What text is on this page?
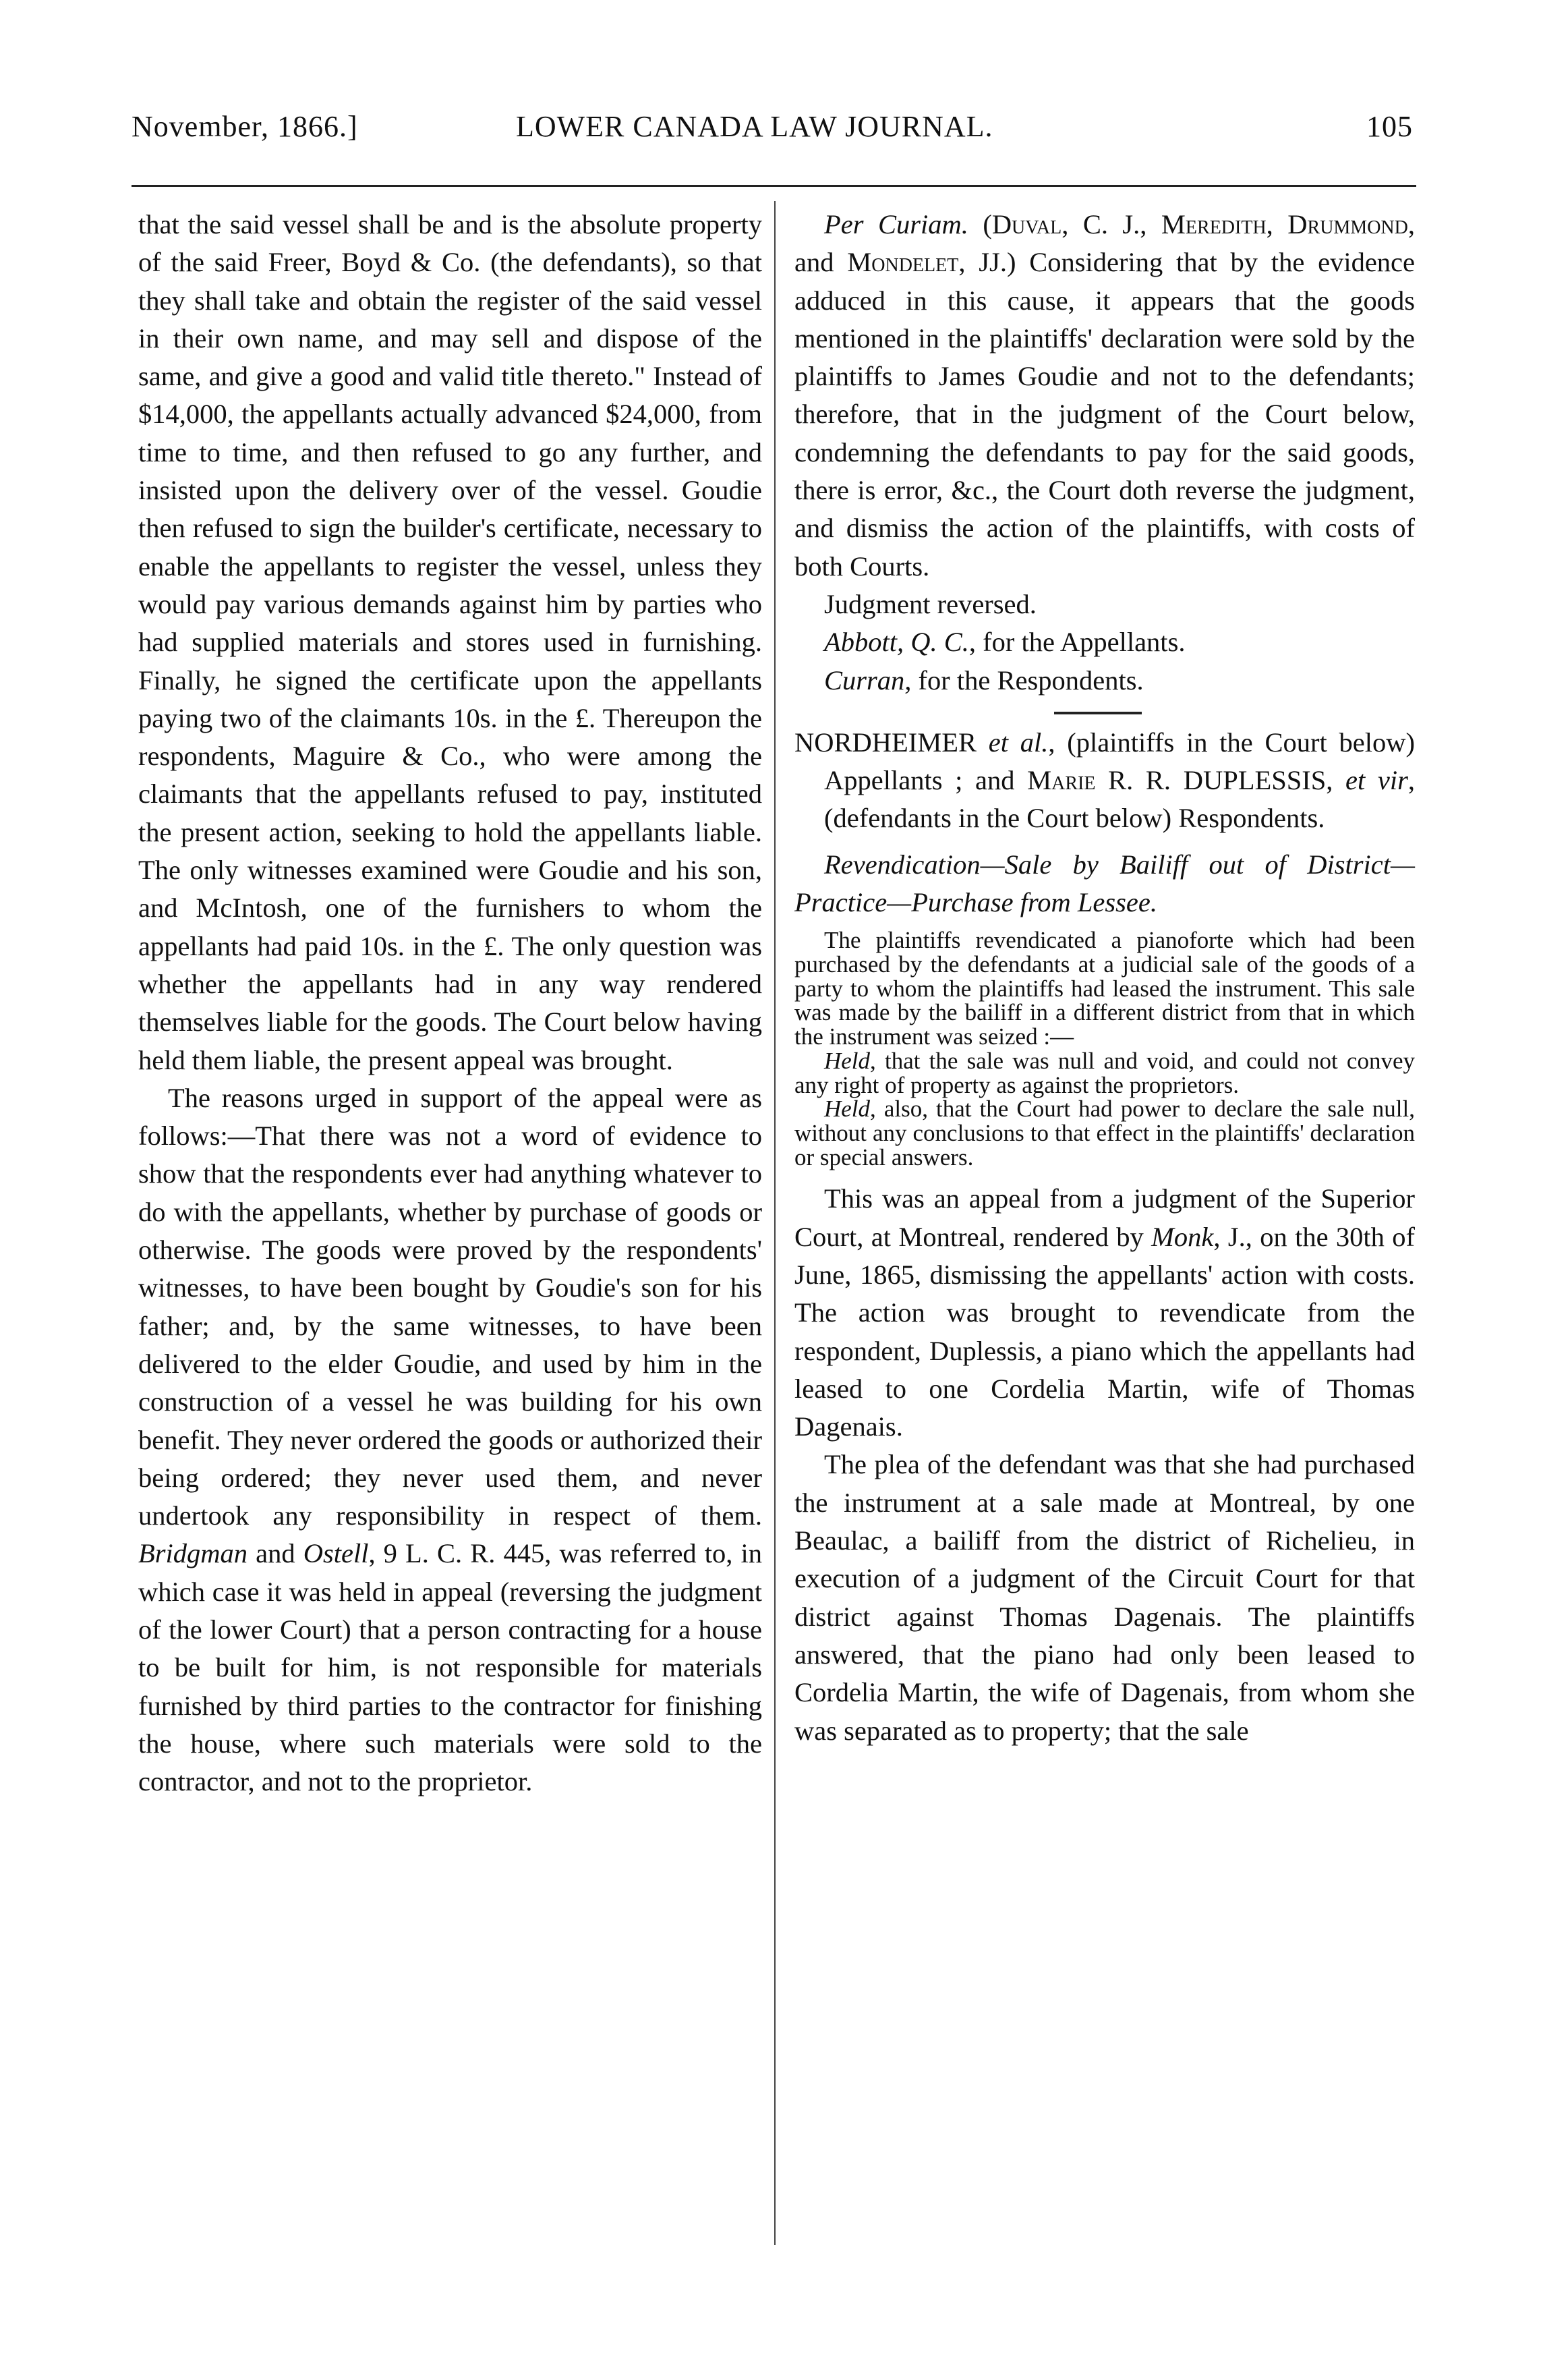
November, 1866.]	LOWER CANADA LAW JOURNAL.	105

that the said vessel shall be and is the absolute property of the said Freer, Boyd & Co. (the defendants), so that they shall take and obtain the register of the said vessel in their own name, and may sell and dispose of the same, and give a good and valid title thereto." Instead of $14,000, the appellants actually advanced $24,000, from time to time, and then refused to go any further, and insisted upon the delivery over of the vessel. Goudie then refused to sign the builder's certificate, necessary to enable the appellants to register the vessel, unless they would pay various demands against him by parties who had supplied materials and stores used in furnishing. Finally, he signed the certificate upon the appellants paying two of the claimants 10s. in the £. Thereupon the respondents, Maguire & Co., who were among the claimants that the appellants refused to pay, instituted the present action, seeking to hold the appellants liable. The only witnesses examined were Goudie and his son, and McIntosh, one of the furnishers to whom the appellants had paid 10s. in the £. The only question was whether the appellants had in any way rendered themselves liable for the goods. The Court below having held them liable, the present appeal was brought.

The reasons urged in support of the appeal were as follows:—That there was not a word of evidence to show that the respondents ever had anything whatever to do with the appellants, whether by purchase of goods or otherwise. The goods were proved by the respondents' witnesses, to have been bought by Goudie's son for his father; and, by the same witnesses, to have been delivered to the elder Goudie, and used by him in the construction of a vessel he was building for his own benefit. They never ordered the goods or authorized their being ordered; they never used them, and never undertook any responsibility in respect of them. Bridgman and Ostell, 9 L. C. R. 445, was referred to, in which case it was held in appeal (reversing the judgment of the lower Court) that a person contracting for a house to be built for him, is not responsible for materials furnished by third parties to the contractor for finishing the house, where such materials were sold to the contractor, and not to the proprietor.

Per Curiam. (Duval, C. J., Meredith, Drummond, and Mondelet, JJ.) Considering that by the evidence adduced in this cause, it appears that the goods mentioned in the plaintiffs' declaration were sold by the plaintiffs to James Goudie and not to the defendants; therefore, that in the judgment of the Court below, condemning the defendants to pay for the said goods, there is error, &c., the Court doth reverse the judgment, and dismiss the action of the plaintiffs, with costs of both Courts.

Judgment reversed.

Abbott, Q. C., for the Appellants.

Curran, for the Respondents.

NORDHEIMER et al., (plaintiffs in the Court below) Appellants ; and Marie R. R. DUPLESSIS, et vir, (defendants in the Court below) Respondents.

Revendication—Sale by Bailiff out of District—Practice—Purchase from Lessee.

The plaintiffs revendicated a pianoforte which had been purchased by the defendants at a judicial sale of the goods of a party to whom the plaintiffs had leased the instrument. This sale was made by the bailiff in a different district from that in which the instrument was seized :—

Held, that the sale was null and void, and could not convey any right of property as against the proprietors.

Held, also, that the Court had power to declare the sale null, without any conclusions to that effect in the plaintiffs' declaration or special answers.

This was an appeal from a judgment of the Superior Court, at Montreal, rendered by Monk, J., on the 30th of June, 1865, dismissing the appellants' action with costs. The action was brought to revendicate from the respondent, Duplessis, a piano which the appellants had leased to one Cordelia Martin, wife of Thomas Dagenais.

The plea of the defendant was that she had purchased the instrument at a sale made at Montreal, by one Beaulac, a bailiff from the district of Richelieu, in execution of a judgment of the Circuit Court for that district against Thomas Dagenais. The plaintiffs answered, that the piano had only been leased to Cordelia Martin, the wife of Dagenais, from whom she was separated as to property; that the sale
